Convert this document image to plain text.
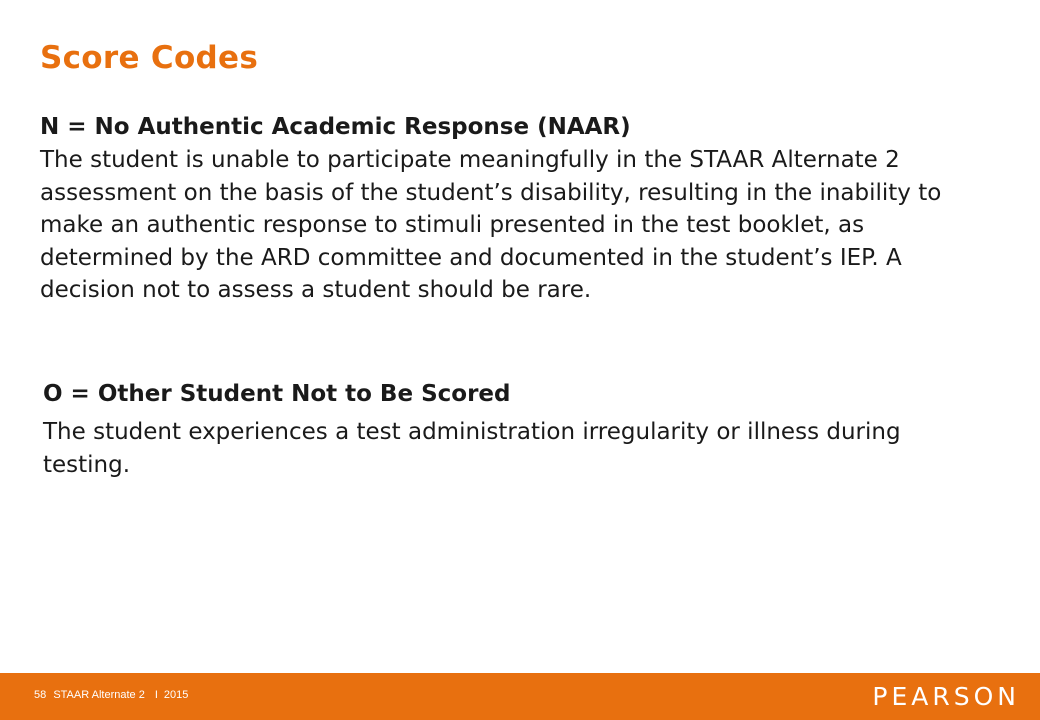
Score Codes

N = No Authentic Academic Response (NAAR)

The student is unable to participate meaningfully in the STAAR Alternate 2 assessment on the basis of the student’s disability, resulting in the inability to make an authentic response to stimuli presented in the test booklet, as determined by the ARD committee and documented in the student’s IEP. A decision not to assess a student should be rare.

O = Other Student Not to Be Scored

The student experiences a test administration irregularity or illness during testing.

58 STAAR Alternate 2 I 2015	PEARSON
